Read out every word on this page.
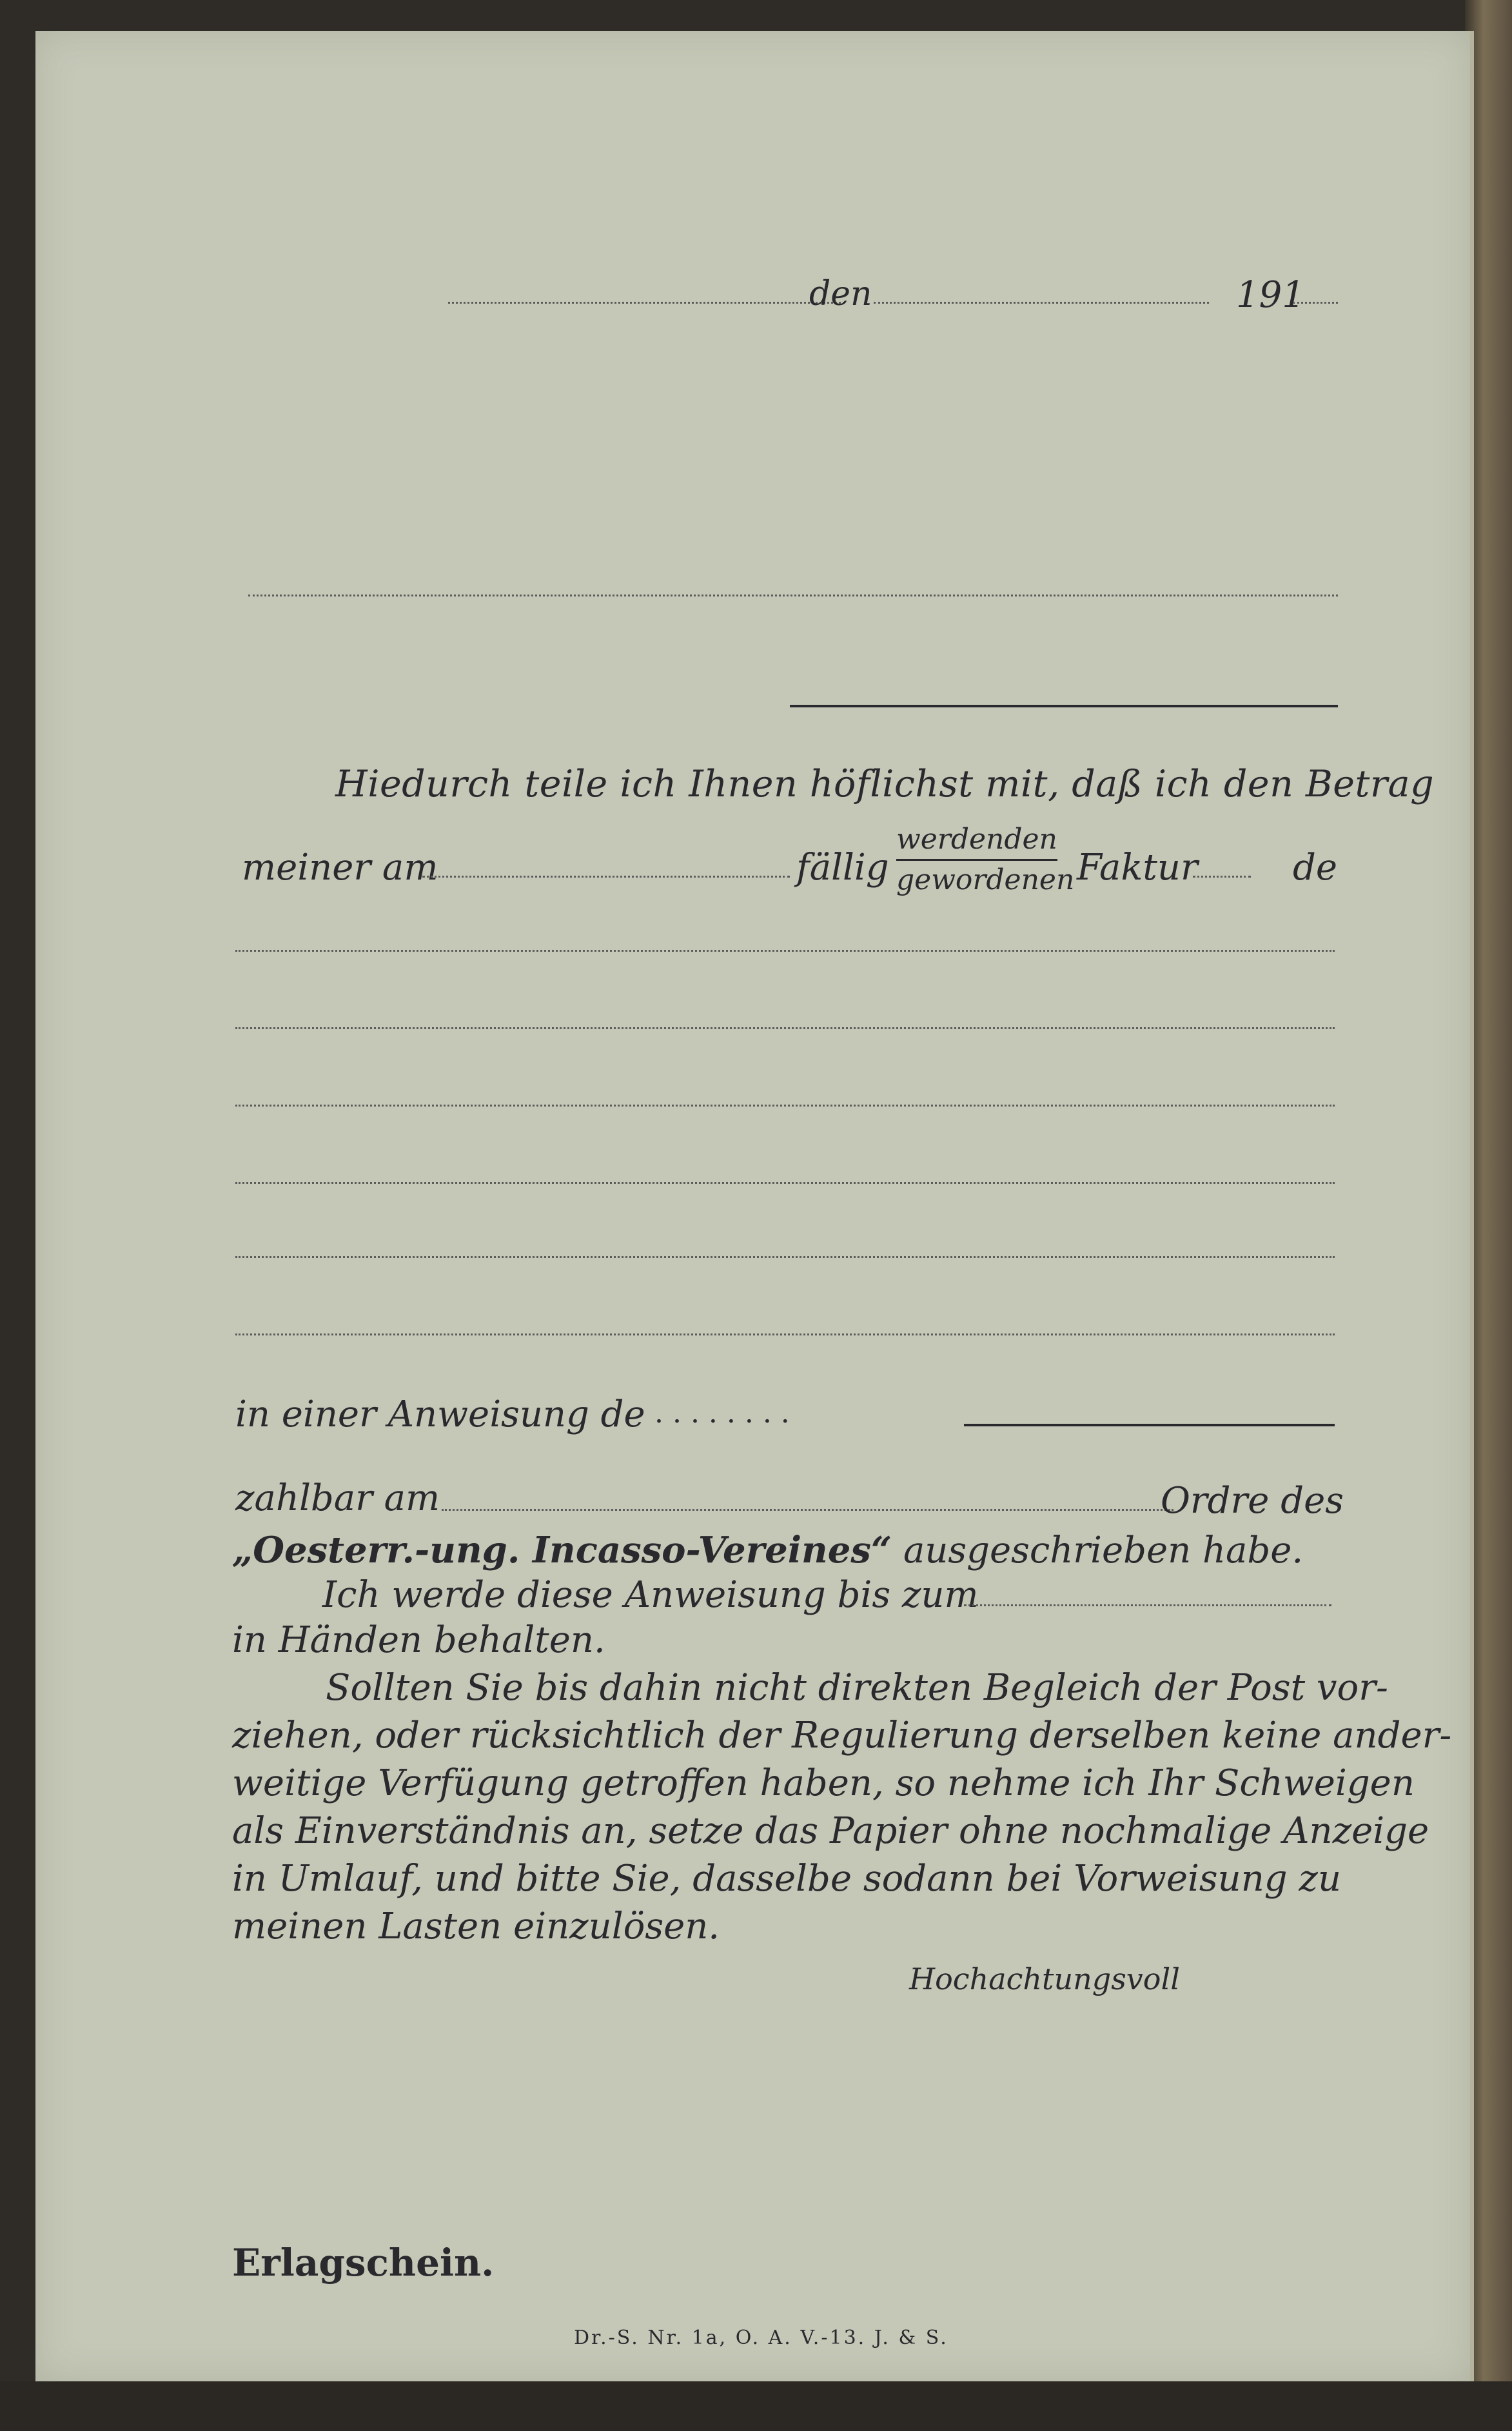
den	191
Hiedurch teile ich Ihnen höflichst mit, daß ich den Betrag
meiner am	fällig
werdenden
gewordenen Faktur	de
in einer Anweisung de . . . . . . . .
zahlbar am	Ordre des
„Oesterr.-ung. Incasso-Vereines“ ausgeschrieben habe.
Ich werde diese Anweisung bis zum
in Händen behalten.
Sollten Sie bis dahin nicht direkten Begleich der Post vor-
ziehen, oder rücksichtlich der Regulierung derselben keine ander-
weitige Verfügung getroffen haben, so nehme ich Ihr Schweigen
als Einverständnis an, setze das Papier ohne nochmalige Anzeige
in Umlauf, und bitte Sie, dasselbe sodann bei Vorweisung zu
meinen Lasten einzulösen.
Hochachtungsvoll
Erlagschein.
Dr.-S. Nr. 1a, O. A. V.-13. J. & S.
